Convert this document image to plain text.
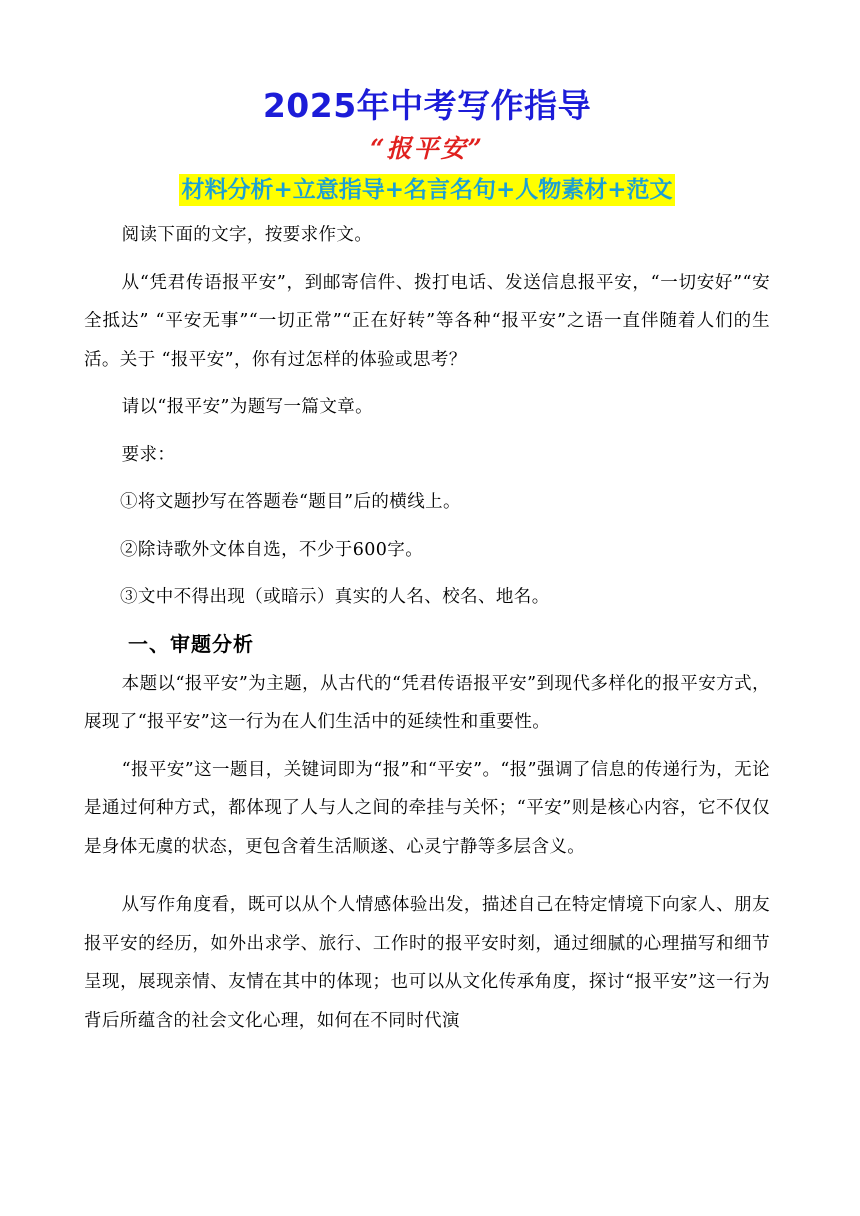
2025年中考写作指导
“报平安”
材料分析+立意指导+名言名句+人物素材+范文

阅读下面的文字，按要求作文。

从“凭君传语报平安”，到邮寄信件、拨打电话、发送信息报平安，“一切安好”“安全抵达” “平安无事”“一切正常”“正在好转”等各种“报平安”之语一直伴随着人们的生活。关于 “报平安”，你有过怎样的体验或思考？

请以“报平安”为题写一篇文章。

要求：

①将文题抄写在答题卷“题目”后的横线上。

②除诗歌外文体自选，不少于600字。

③文中不得出现（或暗示）真实的人名、校名、地名。

一、审题分析

本题以“报平安”为主题，从古代的“凭君传语报平安”到现代多样化的报平安方式，展现了“报平安”这一行为在人们生活中的延续性和重要性。

“报平安”这一题目，关键词即为“报”和“平安”。“报”强调了信息的传递行为，无论是通过何种方式，都体现了人与人之间的牵挂与关怀；“平安”则是核心内容，它不仅仅是身体无虞的状态，更包含着生活顺遂、心灵宁静等多层含义。

从写作角度看，既可以从个人情感体验出发，描述自己在特定情境下向家人、朋友报平安的经历，如外出求学、旅行、工作时的报平安时刻，通过细腻的心理描写和细节呈现，展现亲情、友情在其中的体现；也可以从文化传承角度，探讨“报平安”这一行为背后所蕴含的社会文化心理，如何在不同时代演
